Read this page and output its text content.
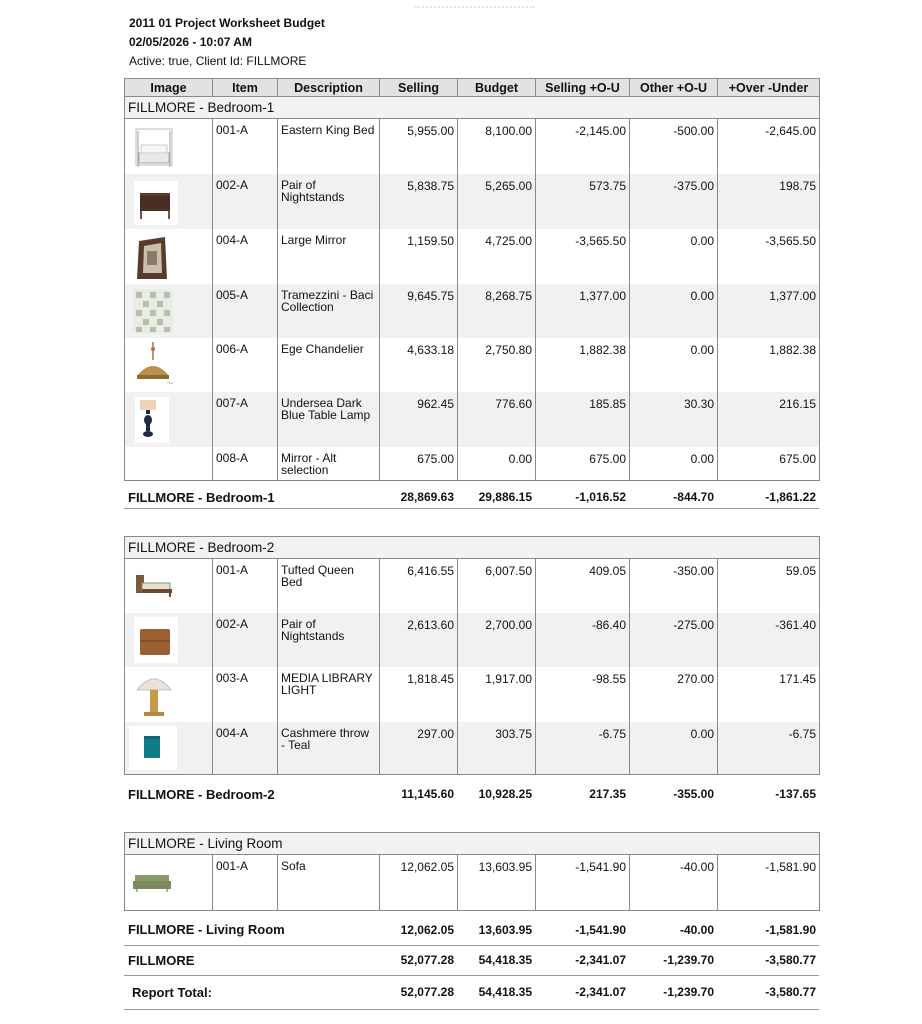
2011 01 Project Worksheet Budget
02/05/2026 - 10:07 AM
Active: true, Client Id: FILLMORE
Image	Item	Description	Selling	Budget	Selling +O-U	Other +O-U	+Over -Under
FILLMORE - Bedroom-1							

	001-A	Eastern King Bed	5,955.00	8,100.00	-2,145.00	-500.00	-2,645.00

	002-A	Pair of Nightstands	5,838.75	5,265.00	573.75	-375.00	198.75

	004-A	Large Mirror	1,159.50	4,725.00	-3,565.50	0.00	-3,565.50

	005-A	Tramezzini - Baci Collection	9,645.75	8,268.75	1,377.00	0.00	1,377.00

	006-A	Ege Chandelier	4,633.18	2,750.80	1,882.38	0.00	1,882.38

	007-A	Undersea Dark Blue Table Lamp	962.45	776.60	185.85	30.30	216.15
	008-A	Mirror - Alt selection	675.00	0.00	675.00	0.00	675.00
FILLMORE - Bedroom-1	28,869.63	29,886.15	-1,016.52	-844.70	-1,861.22
FILLMORE - Bedroom-2							

	001-A	Tufted Queen Bed	6,416.55	6,007.50	409.05	-350.00	59.05

	002-A	Pair of Nightstands	2,613.60	2,700.00	-86.40	-275.00	-361.40

	003-A	MEDIA LIBRARY LIGHT	1,818.45	1,917.00	-98.55	270.00	171.45

	004-A	Cashmere throw - Teal	297.00	303.75	-6.75	0.00	-6.75
FILLMORE - Bedroom-2	11,145.60	10,928.25	217.35	-355.00	-137.65
FILLMORE - Living Room

	001-A	Sofa	12,062.05	13,603.95	-1,541.90	-40.00	-1,581.90
FILLMORE - Living Room	12,062.05	13,603.95	-1,541.90	-40.00	-1,581.90
FILLMORE	52,077.28	54,418.35	-2,341.07	-1,239.70	-3,580.77
Report Total:	52,077.28	54,418.35	-2,341.07	-1,239.70	-3,580.77
